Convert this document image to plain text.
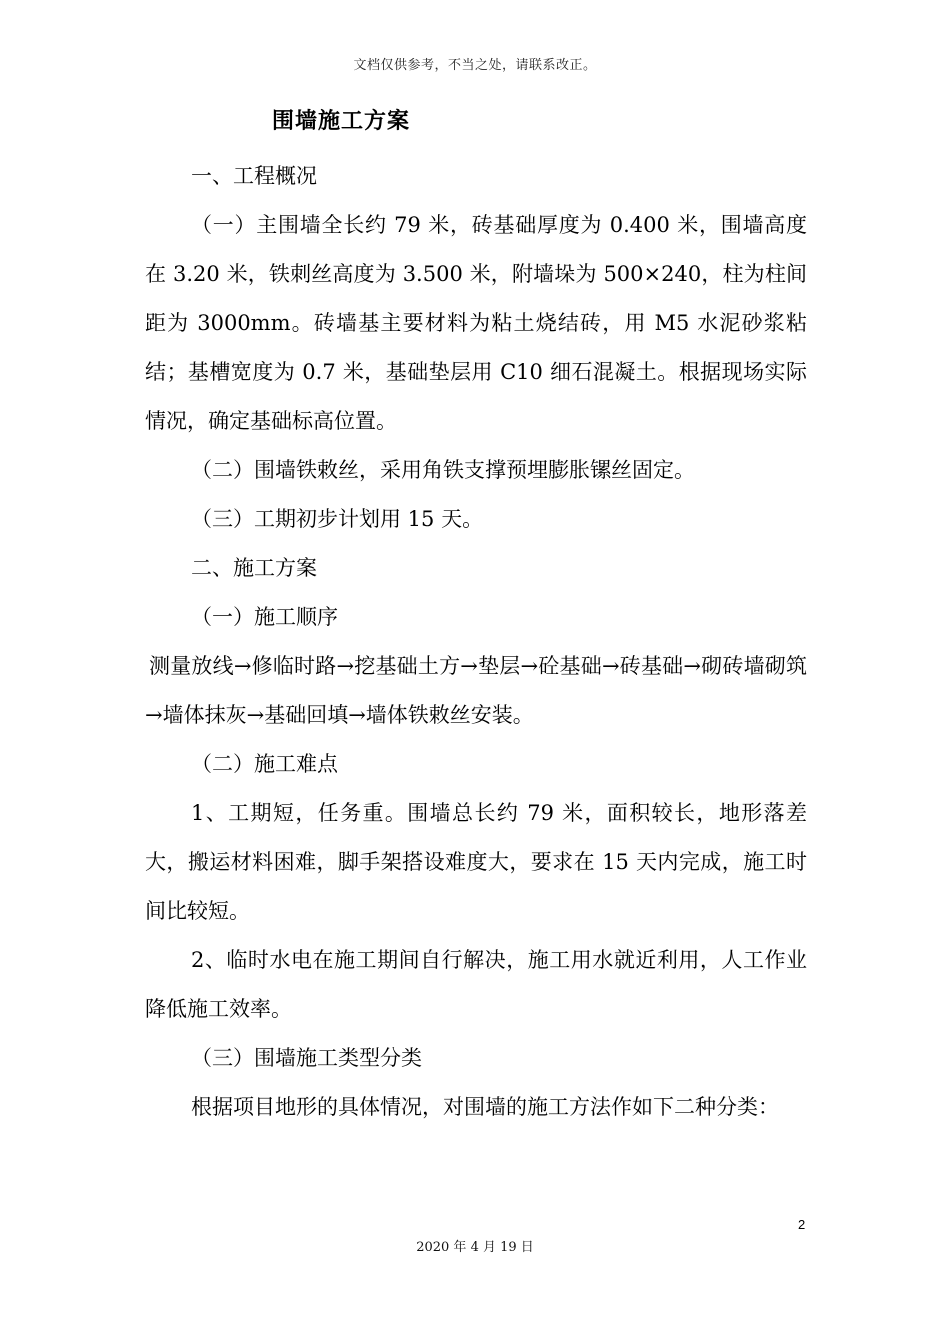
文档仅供参考，不当之处，请联系改正。
围墙施工方案

一、工程概况

（一）主围墙全长约 79 米，砖基础厚度为 0.400 米，围墙高度在 3.20 米，铁刺丝高度为 3.500 米，附墙垛为 500×240，柱为柱间距为 3000mm。砖墙基主要材料为粘土烧结砖，用 M5 水泥砂浆粘结；基槽宽度为 0.7 米，基础垫层用 C10 细石混凝土。根据现场实际情况，确定基础标高位置。

（二）围墙铁敕丝，采用角铁支撑预埋膨胀镙丝固定。

（三）工期初步计划用 15 天。

二、施工方案

（一）施工顺序

测量放线→修临时路→挖基础土方→垫层→砼基础→砖基础→砌砖墙砌筑→墙体抹灰→基础回填→墙体铁敕丝安装。

（二）施工难点

1、工期短，任务重。围墙总长约 79 米，面积较长，地形落差大，搬运材料困难，脚手架搭设难度大，要求在 15 天内完成，施工时间比较短。

2、临时水电在施工期间自行解决，施工用水就近利用，人工作业降低施工效率。

（三）围墙施工类型分类

根据项目地形的具体情况，对围墙的施工方法作如下二种分类：

2
2020 年 4 月 19 日
